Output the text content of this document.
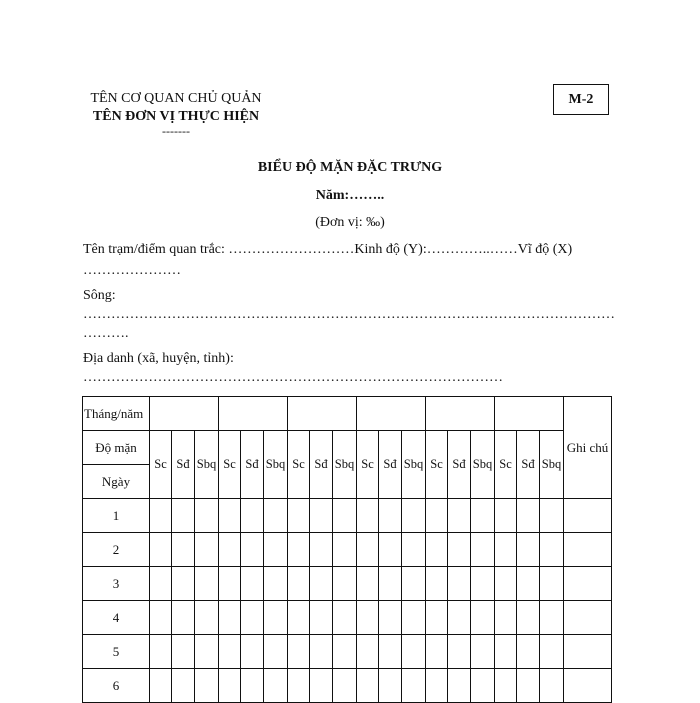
TÊN CƠ QUAN CHỦ QUẢN
TÊN ĐƠN VỊ THỰC HIỆN
-------
M-2
BIỂU ĐỘ MẶN ĐẶC TRƯNG
Năm:……..
(Đơn vị: ‰)
Tên trạm/điểm quan trắc: ………………………Kinh độ (Y):…………..……Vĩ độ (X)
…………………
Sông:
……………………………………………………………………………………………………
……….
Địa danh (xã, huyện, tỉnh):
………………………………………………………………………………
Tháng/năm																			Ghi chú
Độ mặn	Sc	Sđ	Sbq	Sc	Sđ	Sbq	Sc	Sđ	Sbq	Sc	Sđ	Sbq	Sc	Sđ	Sbq	Sc	Sđ	Sbq	
Ngày																			
1																			
2																			
3																			
4																			
5																			
6																			
